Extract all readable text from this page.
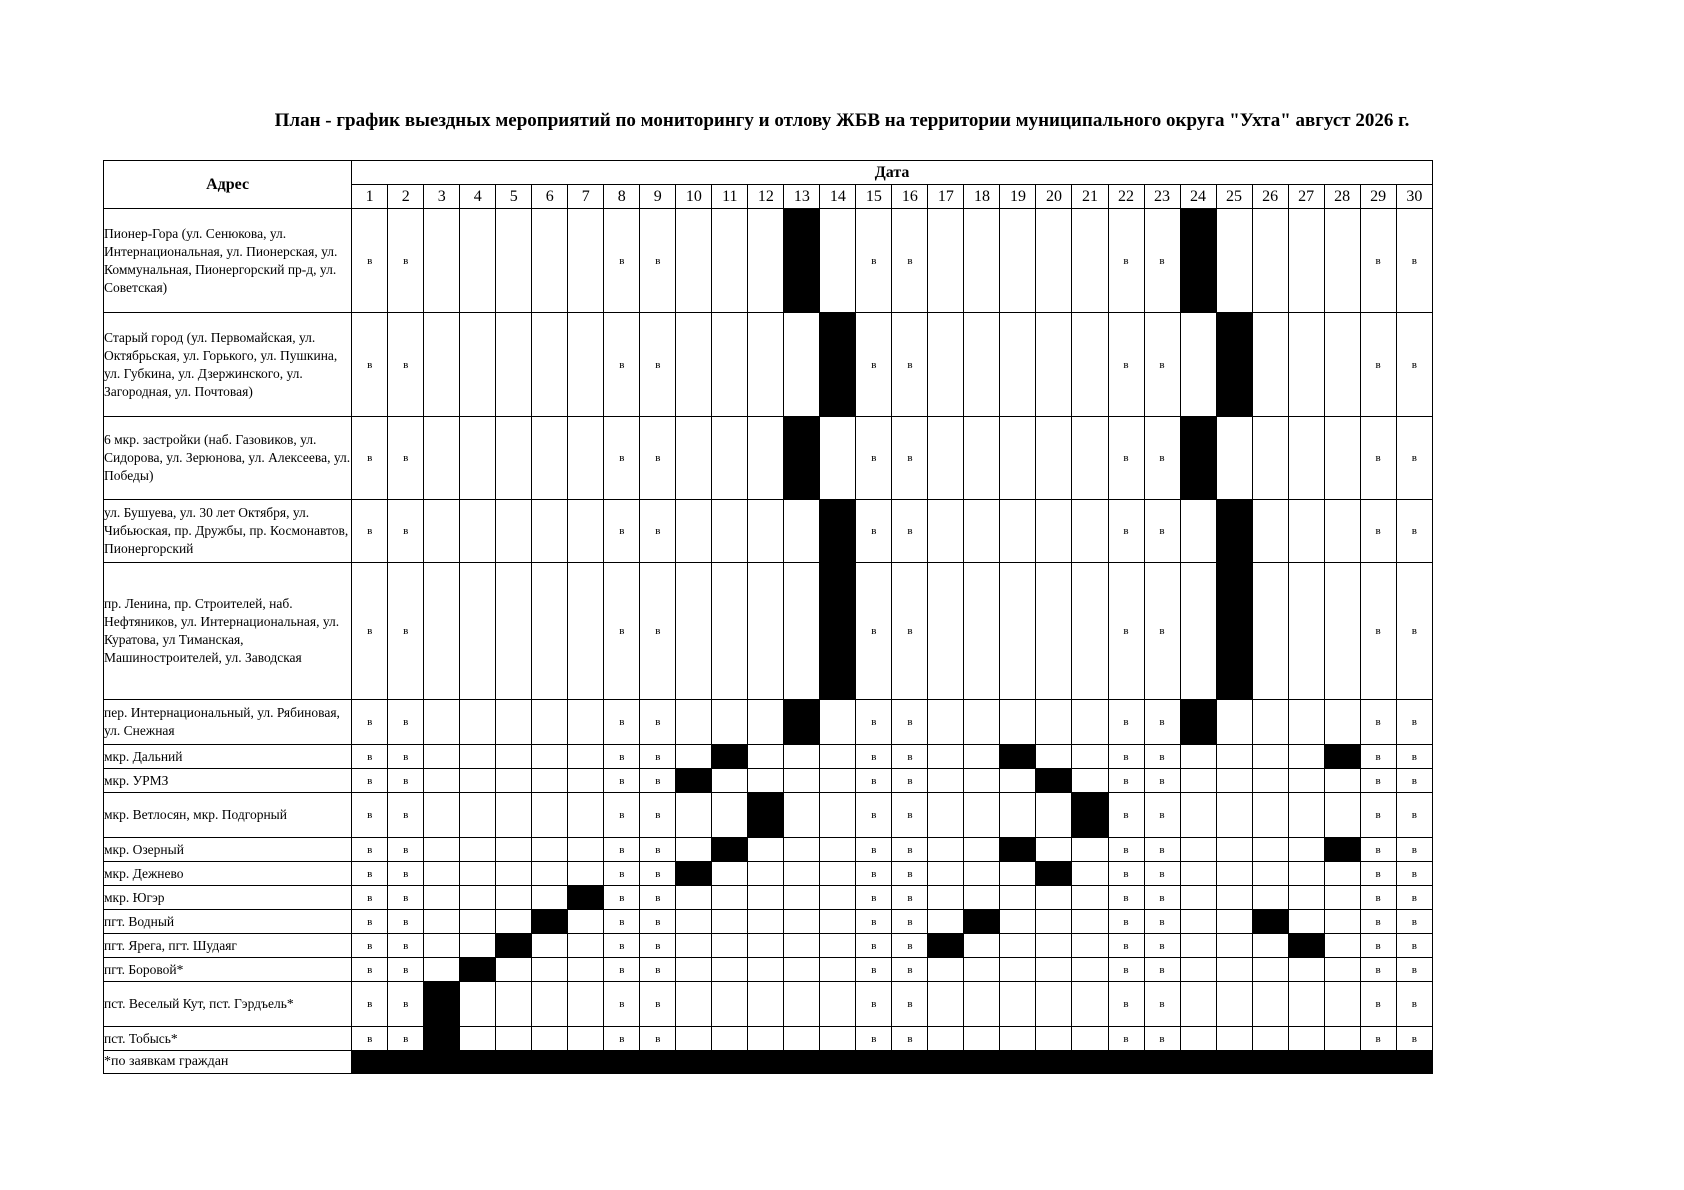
План - график выездных мероприятий по мониторингу и отлову ЖБВ на территории муниципального округа "Ухта" август 2026 г.
Адрес	Дата																													
	1	2	3	4	5	6	7	8	9	10	11	12	13	14	15	16	17	18	19	20	21	22	23	24	25	26	27	28	29	30
Пионер-Гора (ул. Сенюкова, ул. Интернациональная, ул. Пионерская, ул. Коммунальная, Пионергорский пр-д, ул. Советская)	в	в						в	в						в	в						в	в						в	в
Старый город (ул. Первомайская, ул. Октябрьская, ул. Горького, ул. Пушкина, ул. Губкина, ул. Дзержинского, ул. Загородная, ул. Почтовая)	в	в						в	в						в	в						в	в						в	в
6 мкр. застройки (наб. Газовиков, ул. Сидорова, ул. Зерюнова, ул. Алексеева, ул. Победы)	в	в						в	в						в	в						в	в						в	в
ул. Бушуева, ул. 30 лет Октября, ул. Чибьюская, пр. Дружбы, пр. Космонавтов, Пионергорский	в	в						в	в						в	в						в	в						в	в
пр. Ленина, пр. Строителей, наб. Нефтяников, ул. Интернациональная, ул. Куратова, ул Тиманская, Машиностроителей, ул. Заводская	в	в						в	в						в	в						в	в						в	в
пер. Интернациональный, ул. Рябиновая, ул. Снежная	в	в						в	в						в	в						в	в						в	в
мкр. Дальний	в	в						в	в						в	в						в	в						в	в
мкр. УРМЗ	в	в						в	в						в	в						в	в						в	в
мкр. Ветлосян, мкр. Подгорный	в	в						в	в						в	в						в	в						в	в
мкр. Озерный	в	в						в	в						в	в						в	в						в	в
мкр. Дежнево	в	в						в	в						в	в						в	в						в	в
мкр. Югэр	в	в						в	в						в	в						в	в						в	в
пгт. Водный	в	в						в	в						в	в						в	в						в	в
пгт. Ярега, пгт. Шудаяг	в	в						в	в						в	в						в	в						в	в
пгт. Боровой*	в	в						в	в						в	в						в	в						в	в
пст. Веселый Кут, пст. Гэрдъель*	в	в						в	в						в	в						в	в						в	в
пст. Тобысь*	в	в						в	в						в	в						в	в						в	в
*по заявкам граждан																														
